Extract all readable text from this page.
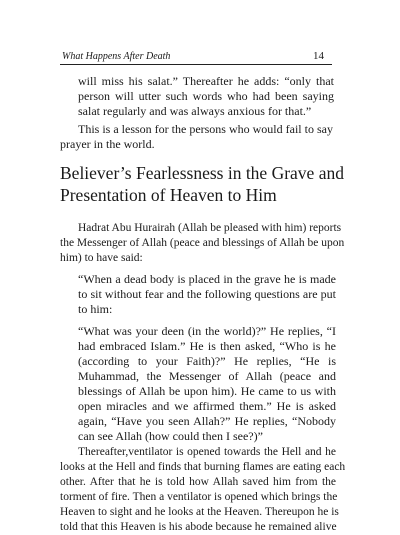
What Happens After Death	14
will miss his salat.” Thereafter he adds: “only that
person will utter such words who had been saying
salat regularly and was always anxious for that.”
This is a lesson for the persons who would fail to say
prayer in the world.
Believer’s Fearlessness in the Grave and
Presentation of Heaven to Him
Hadrat Abu Hurairah (Allah be pleased with him) reports
the Messenger of Allah (peace and blessings of Allah be upon
him) to have said:
“When a dead body is placed in the grave he is made
to sit without fear and the following questions are put
to him:
“What was your deen (in the world)?” He replies, “I
had embraced Islam.” He is then asked, “Who is he
(according to your Faith)?” He replies, “He is
Muhammad, the Messenger of Allah (peace and
blessings of Allah be upon him). He came to us with
open miracles and we affirmed them.” He is asked
again, “Have you seen Allah?” He replies, “Nobody
can see Allah (how could then I see?)”
Thereafter,ventilator is opened towards the Hell and he
looks at the Hell and finds that burning flames are eating each
other. After that he is told how Allah saved him from the
torment of fire. Then a ventilator is opened which brings the
Heaven to sight and he looks at the Heaven. Thereupon he is
told that this Heaven is his abode because he remained alive
